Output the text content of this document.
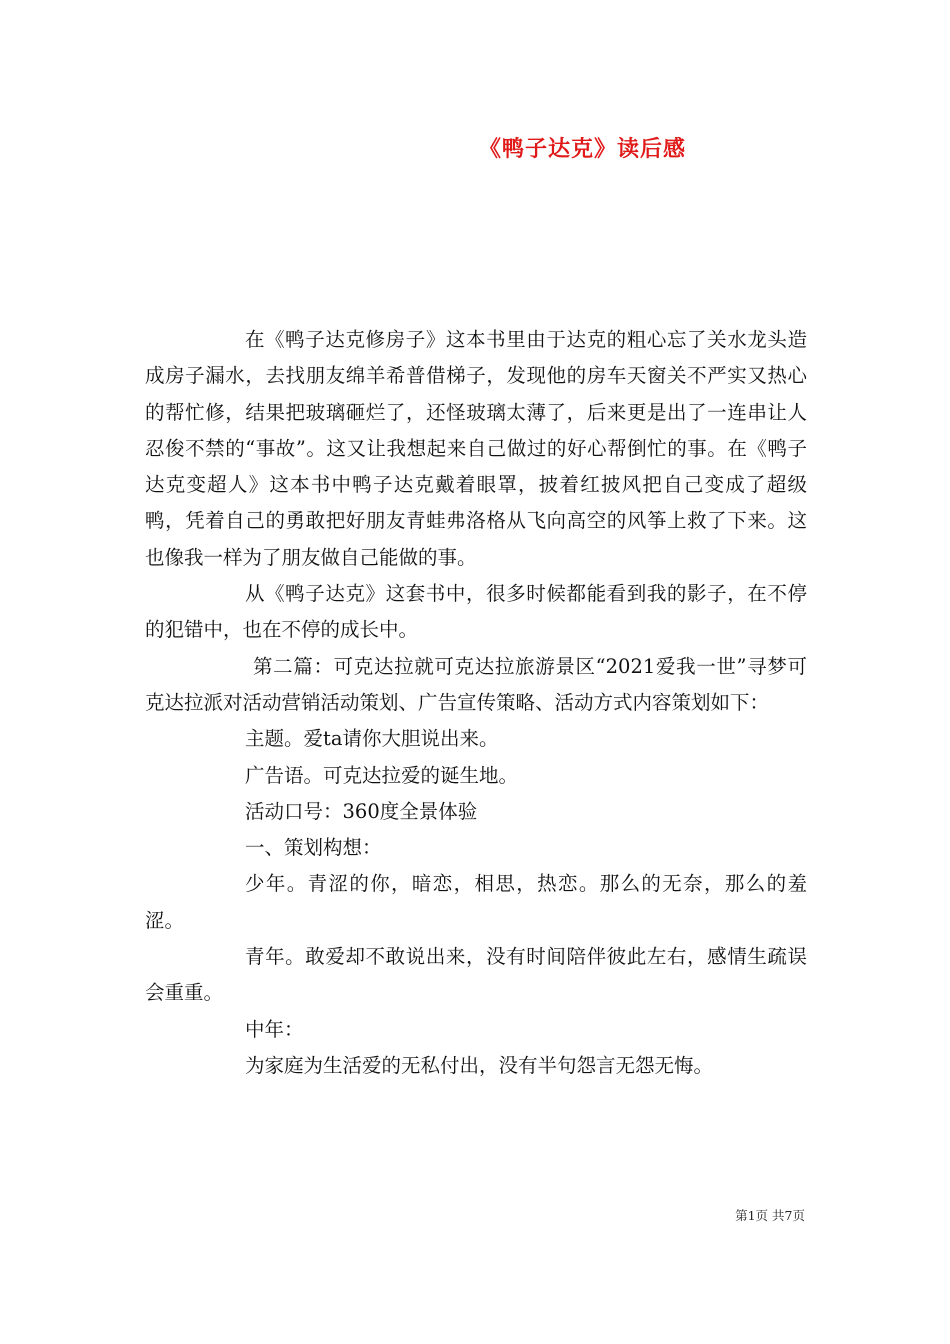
《鸭子达克》读后感

在《鸭子达克修房子》这本书里由于达克的粗心忘了关水龙头造成房子漏水，去找朋友绵羊希普借梯子，发现他的房车天窗关不严实又热心的帮忙修，结果把玻璃砸烂了，还怪玻璃太薄了，后来更是出了一连串让人忍俊不禁的“事故”。这又让我想起来自己做过的好心帮倒忙的事。在《鸭子达克变超人》这本书中鸭子达克戴着眼罩，披着红披风把自己变成了超级鸭，凭着自己的勇敢把好朋友青蛙弗洛格从飞向高空的风筝上救了下来。这也像我一样为了朋友做自己能做的事。

从《鸭子达克》这套书中，很多时候都能看到我的影子，在不停的犯错中，也在不停的成长中。

第二篇：可克达拉就可克达拉旅游景区“2021爱我一世”寻梦可克达拉派对活动营销活动策划、广告宣传策略、活动方式内容策划如下：

主题。爱ta请你大胆说出来。

广告语。可克达拉爱的诞生地。

活动口号：360度全景体验

一、策划构想：

少年。青涩的你，暗恋，相思，热恋。那么的无奈，那么的羞涩。

青年。敢爱却不敢说出来，没有时间陪伴彼此左右，感情生疏误会重重。

中年：

为家庭为生活爱的无私付出，没有半句怨言无怨无悔。

第1页 共7页
